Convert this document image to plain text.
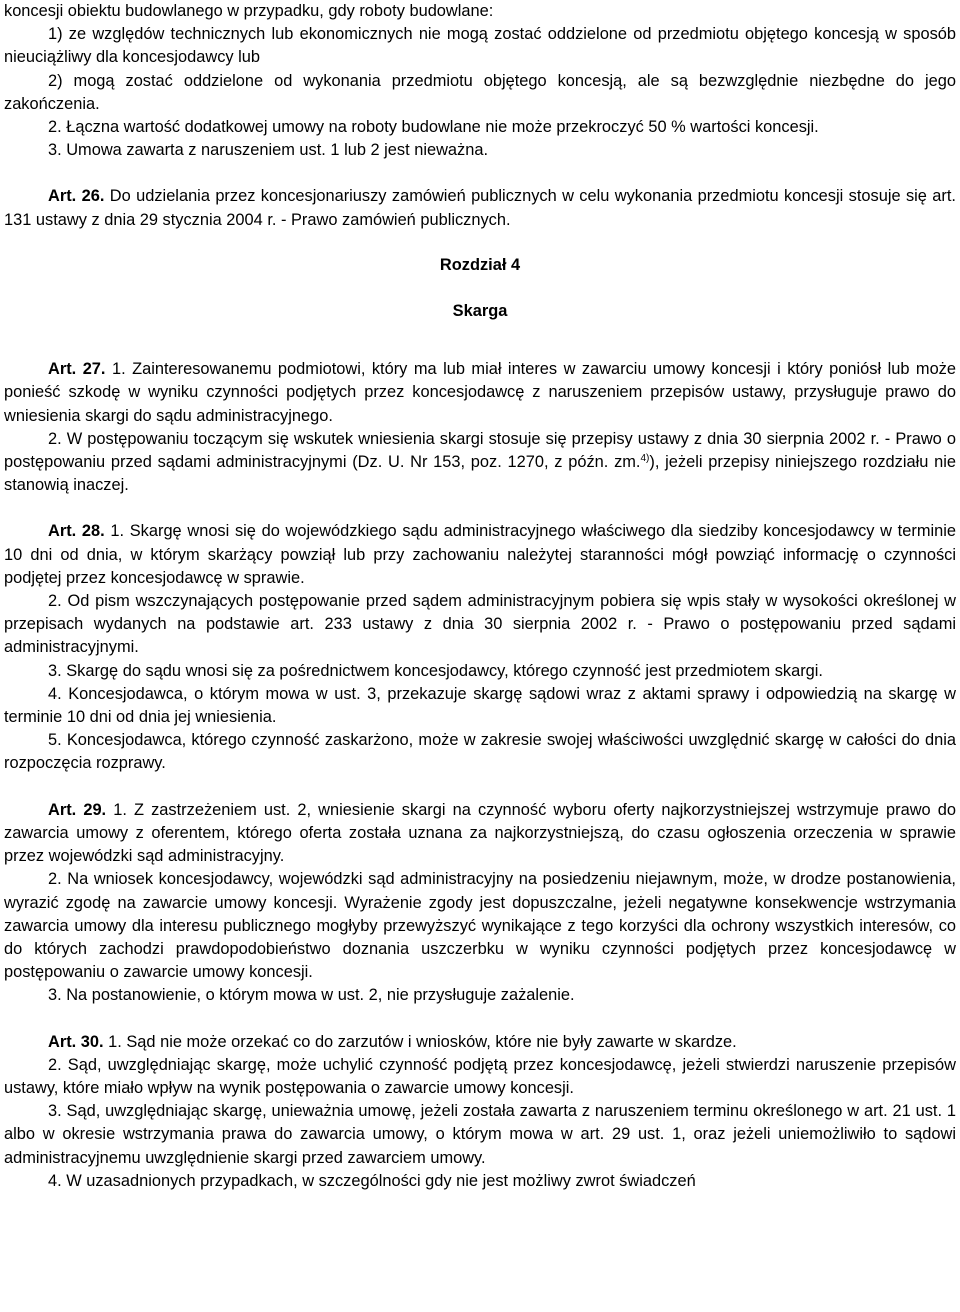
koncesji obiektu budowlanego w przypadku, gdy roboty budowlane:

1) ze względów technicznych lub ekonomicznych nie mogą zostać oddzielone od przedmiotu objętego koncesją w sposób nieuciążliwy dla koncesjodawcy lub

2) mogą zostać oddzielone od wykonania przedmiotu objętego koncesją, ale są bezwzględnie niezbędne do jego zakończenia.

2. Łączna wartość dodatkowej umowy na roboty budowlane nie może przekroczyć 50 % wartości koncesji.

3. Umowa zawarta z naruszeniem ust. 1 lub 2 jest nieważna.

Art. 26. Do udzielania przez koncesjonariuszy zamówień publicznych w celu wykonania przedmiotu koncesji stosuje się art. 131 ustawy z dnia 29 stycznia 2004 r. - Prawo zamówień publicznych.

Rozdział 4

Skarga

Art. 27. 1. Zainteresowanemu podmiotowi, który ma lub miał interes w zawarciu umowy koncesji i który poniósł lub może ponieść szkodę w wyniku czynności podjętych przez koncesjodawcę z naruszeniem przepisów ustawy, przysługuje prawo do wniesienia skargi do sądu administracyjnego.

2. W postępowaniu toczącym się wskutek wniesienia skargi stosuje się przepisy ustawy z dnia 30 sierpnia 2002 r. - Prawo o postępowaniu przed sądami administracyjnymi (Dz. U. Nr 153, poz. 1270, z późn. zm.$^{4)}$), jeżeli przepisy niniejszego rozdziału nie stanowią inaczej.

Art. 28. 1. Skargę wnosi się do wojewódzkiego sądu administracyjnego właściwego dla siedziby koncesjodawcy w terminie 10 dni od dnia, w którym skarżący powziął lub przy zachowaniu należytej staranności mógł powziąć informację o czynności podjętej przez koncesjodawcę w sprawie.

2. Od pism wszczynających postępowanie przed sądem administracyjnym pobiera się wpis stały w wysokości określonej w przepisach wydanych na podstawie art. 233 ustawy z dnia 30 sierpnia 2002 r. - Prawo o postępowaniu przed sądami administracyjnymi.

3. Skargę do sądu wnosi się za pośrednictwem koncesjodawcy, którego czynność jest przedmiotem skargi.

4. Koncesjodawca, o którym mowa w ust. 3, przekazuje skargę sądowi wraz z aktami sprawy i odpowiedzią na skargę w terminie 10 dni od dnia jej wniesienia.

5. Koncesjodawca, którego czynność zaskarżono, może w zakresie swojej właściwości uwzględnić skargę w całości do dnia rozpoczęcia rozprawy.

Art. 29. 1. Z zastrzeżeniem ust. 2, wniesienie skargi na czynność wyboru oferty najkorzystniejszej wstrzymuje prawo do zawarcia umowy z oferentem, którego oferta została uznana za najkorzystniejszą, do czasu ogłoszenia orzeczenia w sprawie przez wojewódzki sąd administracyjny.

2. Na wniosek koncesjodawcy, wojewódzki sąd administracyjny na posiedzeniu niejawnym, może, w drodze postanowienia, wyrazić zgodę na zawarcie umowy koncesji. Wyrażenie zgody jest dopuszczalne, jeżeli negatywne konsekwencje wstrzymania zawarcia umowy dla interesu publicznego mogłyby przewyższyć wynikające z tego korzyści dla ochrony wszystkich interesów, co do których zachodzi prawdopodobieństwo doznania uszczerbku w wyniku czynności podjętych przez koncesjodawcę w postępowaniu o zawarcie umowy koncesji.

3. Na postanowienie, o którym mowa w ust. 2, nie przysługuje zażalenie.

Art. 30. 1. Sąd nie może orzekać co do zarzutów i wniosków, które nie były zawarte w skardze.

2. Sąd, uwzględniając skargę, może uchylić czynność podjętą przez koncesjodawcę, jeżeli stwierdzi naruszenie przepisów ustawy, które miało wpływ na wynik postępowania o zawarcie umowy koncesji.

3. Sąd, uwzględniając skargę, unieważnia umowę, jeżeli została zawarta z naruszeniem terminu określonego w art. 21 ust. 1 albo w okresie wstrzymania prawa do zawarcia umowy, o którym mowa w art. 29 ust. 1, oraz jeżeli uniemożliwiło to sądowi administracyjnemu uwzględnienie skargi przed zawarciem umowy.

4. W uzasadnionych przypadkach, w szczególności gdy nie jest możliwy zwrot świadczeń
